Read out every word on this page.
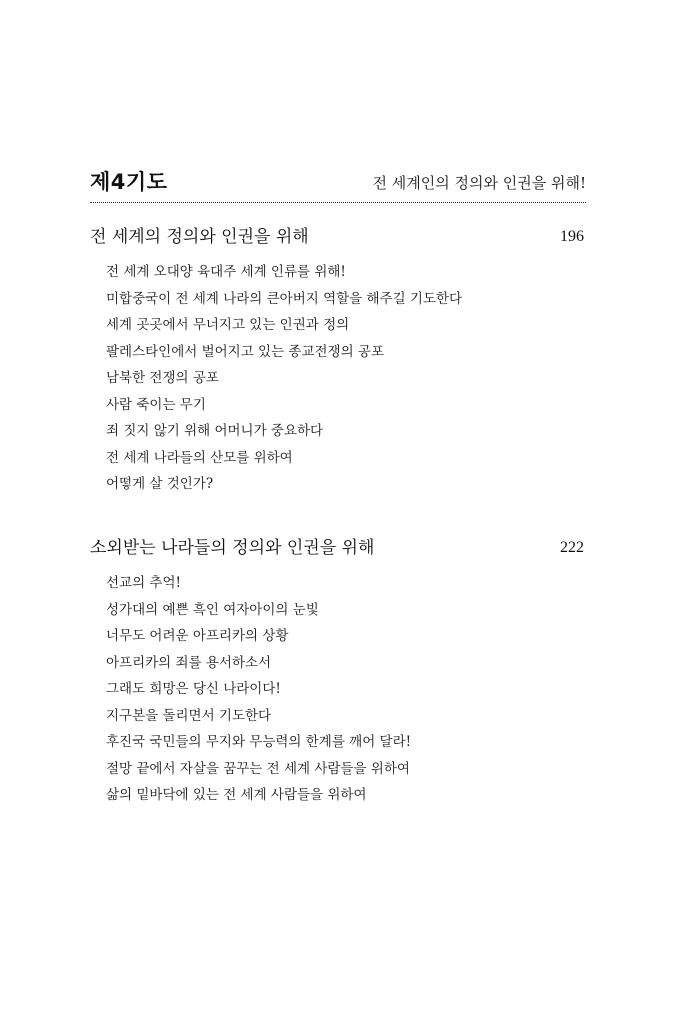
제4기도	전 세계인의 정의와 인권을 위해!
전 세계의 정의와 인권을 위해	196
전 세계 오대양 육대주 세계 인류를 위해!
미합중국이 전 세계 나라의 큰아버지 역할을 해주길 기도한다
세계 곳곳에서 무너지고 있는 인권과 정의
팔레스타인에서 벌어지고 있는 종교전쟁의 공포
남북한 전쟁의 공포
사람 죽이는 무기
죄 짓지 않기 위해 어머니가 중요하다
전 세계 나라들의 산모를 위하여
어떻게 살 것인가?
소외받는 나라들의 정의와 인권을 위해	222
선교의 추억!
성가대의 예쁜 흑인 여자아이의 눈빛
너무도 어려운 아프리카의 상황
아프리카의 죄를 용서하소서
그래도 희망은 당신 나라이다!
지구본을 돌리면서 기도한다
후진국 국민들의 무지와 무능력의 한계를 깨어 달라!
절망 끝에서 자살을 꿈꾸는 전 세계 사람들을 위하여
삶의 밑바닥에 있는 전 세계 사람들을 위하여
